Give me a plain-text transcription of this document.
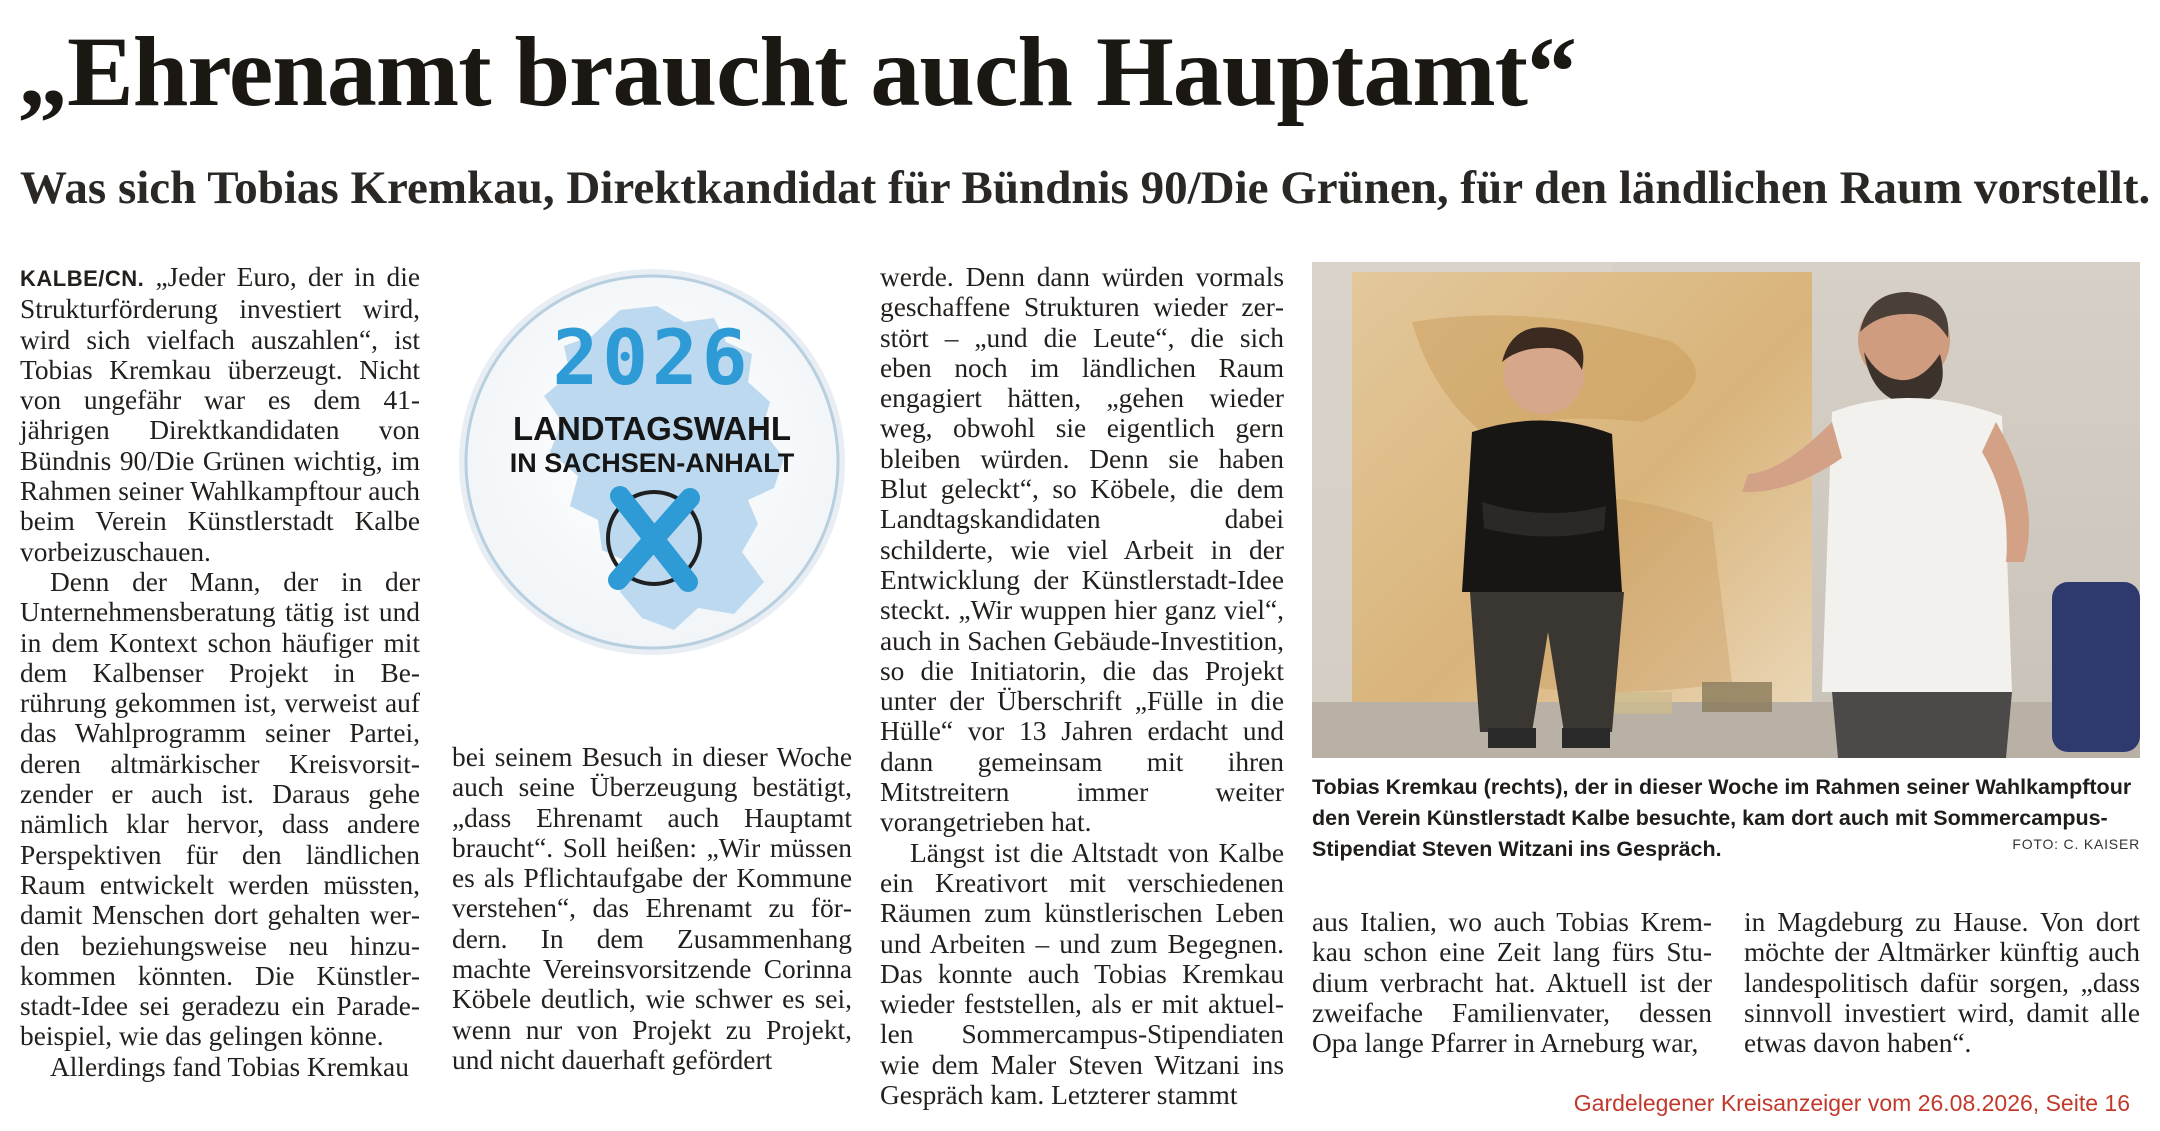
„Ehrenamt braucht auch Hauptamt“
Was sich Tobias Kremkau, Direktkandidat für Bündnis 90/Die Grünen, für den ländlichen Raum vorstellt.

KALBE/CN. „Jeder Euro, der in die Strukturförderung investiert wird, wird sich vielfach auszahlen“, ist Tobias Kremkau überzeugt. Nicht von ungefähr war es dem 41-jährigen Direktkandidaten von Bündnis 90/Die Grünen wichtig, im Rahmen seiner Wahlkampftour auch beim Verein Künstlerstadt Kalbe vorbeizuschauen.

Denn der Mann, der in der Unternehmensberatung tätig ist und in dem Kontext schon häufiger mit dem Kalbenser Projekt in Berührung gekommen ist, verweist auf das Wahlprogramm seiner Partei, deren altmärkischer Kreisvorsitzender er auch ist. Daraus gehe nämlich klar hervor, dass andere Perspektiven für den ländlichen Raum entwickelt werden müssten, damit Menschen dort gehalten werden beziehungsweise neu hinzukommen könnten. Die Künstlerstadt-Idee sei geradezu ein Paradebeispiel, wie das gelingen könne.

Allerdings fand Tobias Kremkau

2026
LANDTAGSWAHL
IN SACHSEN-ANHALT

bei seinem Besuch in dieser Woche auch seine Überzeugung bestätigt, „dass Ehrenamt auch Hauptamt braucht“. Soll heißen: „Wir müssen es als Pflichtaufgabe der Kommune verstehen“, das Ehrenamt zu fördern. In dem Zusammenhang machte Vereinsvorsitzende Corinna Köbele deutlich, wie schwer es sei, wenn nur von Projekt zu Projekt, und nicht dauerhaft gefördert

werde. Denn dann würden vormals geschaffene Strukturen wieder zerstört – „und die Leute“, die sich eben noch im ländlichen Raum engagiert hätten, „gehen wieder weg, obwohl sie eigentlich gern bleiben würden. Denn sie haben Blut geleckt“, so Köbele, die dem Landtagskandidaten dabei schilderte, wie viel Arbeit in der Entwicklung der Künstlerstadt-Idee steckt. „Wir wuppen hier ganz viel“, auch in Sachen Gebäude-Investition, so die Initiatorin, die das Projekt unter der Überschrift „Fülle in die Hülle“ vor 13 Jahren erdacht und dann gemeinsam mit ihren Mitstreitern immer weiter vorangetrieben hat.

Längst ist die Altstadt von Kalbe ein Kreativort mit verschiedenen Räumen zum künstlerischen Leben und Arbeiten – und zum Begegnen. Das konnte auch Tobias Kremkau wieder feststellen, als er mit aktuellen Sommercampus-Stipendiaten wie dem Maler Steven Witzani ins Gespräch kam. Letzterer stammt

Tobias Kremkau (rechts), der in dieser Woche im Rahmen seiner Wahlkampftour den Verein Künstlerstadt Kalbe besuchte, kam dort auch mit Sommercampus-Stipendiat Steven Witzani ins Gespräch.	FOTO: C. KAISER

aus Italien, wo auch Tobias Kremkau schon eine Zeit lang fürs Studium verbracht hat. Aktuell ist der zweifache Familienvater, dessen Opa lange Pfarrer in Arneburg war,

in Magdeburg zu Hause. Von dort möchte der Altmärker künftig auch landespolitisch dafür sorgen, „dass sinnvoll investiert wird, damit alle etwas davon haben“.

Gardelegener Kreisanzeiger vom 26.08.2026, Seite 16
